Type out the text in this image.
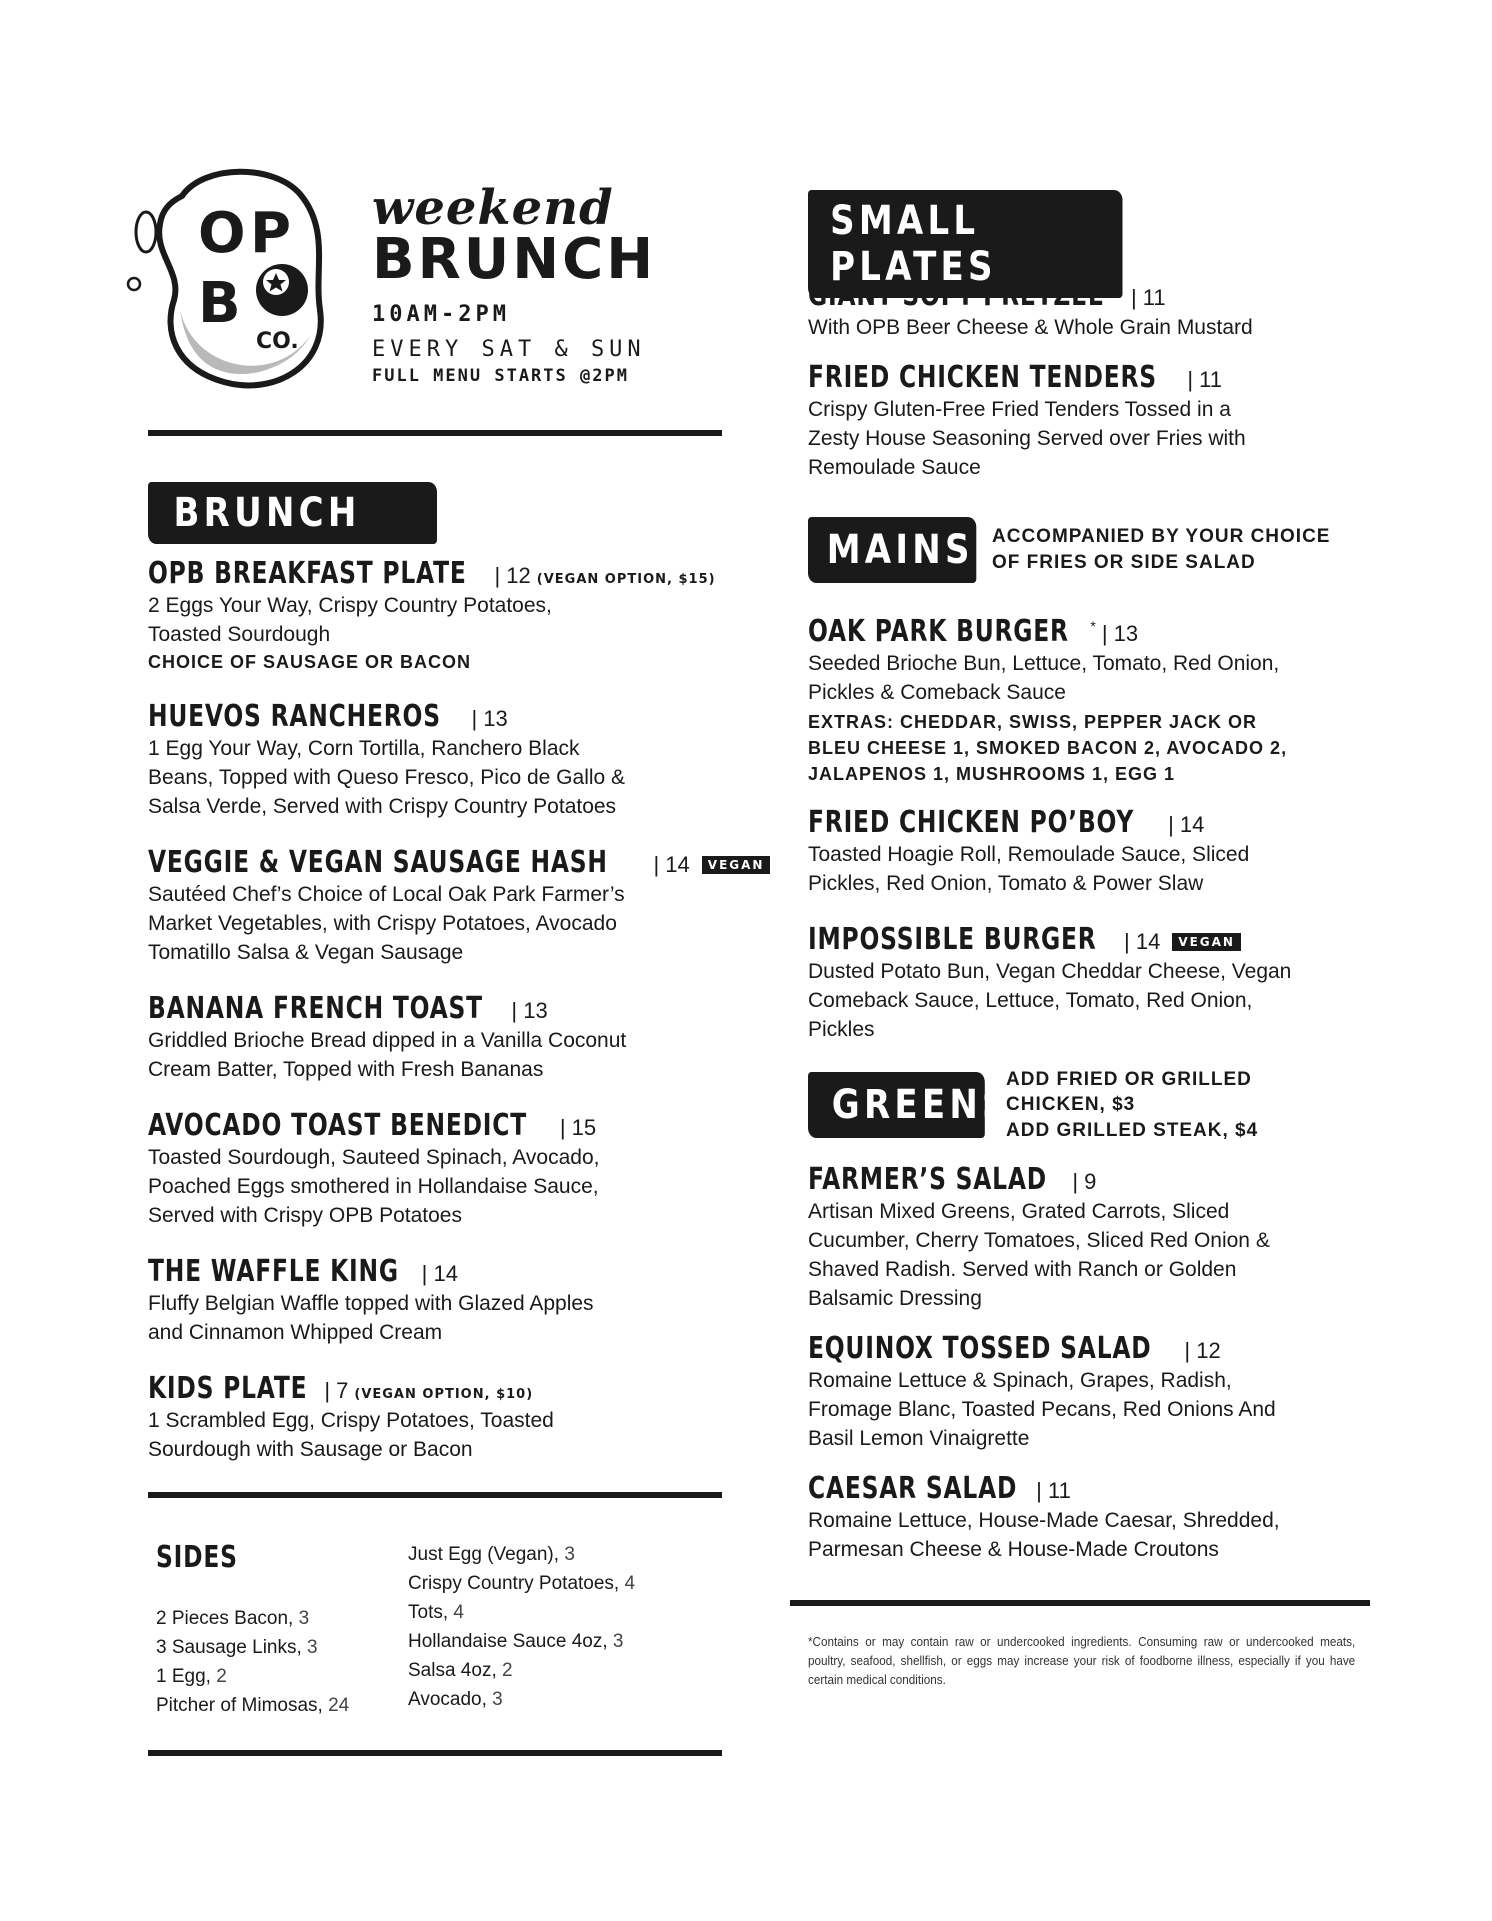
O P
B
CO.
weekend
BRUNCH
10AM-2PM
EVERY SAT & SUN
FULL MENU STARTS @2PM
BRUNCH
OPB BREAKFAST PLATE | 12 (VEGAN OPTION, $15)
2 Eggs Your Way, Crispy Country Potatoes,
Toasted Sourdough
CHOICE OF SAUSAGE OR BACON
HUEVOS RANCHEROS | 13
1 Egg Your Way, Corn Tortilla, Ranchero Black
Beans, Topped with Queso Fresco, Pico de Gallo &
Salsa Verde, Served with Crispy Country Potatoes
VEGGIE & VEGAN SAUSAGE HASH | 14	VEGAN
Sautéed Chef’s Choice of Local Oak Park Farmer’s
Market Vegetables, with Crispy Potatoes, Avocado
Tomatillo Salsa & Vegan Sausage
BANANA FRENCH TOAST | 13
Griddled Brioche Bread dipped in a Vanilla Coconut
Cream Batter, Topped with Fresh Bananas
AVOCADO TOAST BENEDICT | 15
Toasted Sourdough, Sauteed Spinach, Avocado,
Poached Eggs smothered in Hollandaise Sauce,
Served with Crispy OPB Potatoes
THE WAFFLE KING | 14
Fluffy Belgian Waffle topped with Glazed Apples
and Cinnamon Whipped Cream
KIDS PLATE | 7 (VEGAN OPTION, $10)
1 Scrambled Egg, Crispy Potatoes, Toasted
Sourdough with Sausage or Bacon
SIDES
2 Pieces Bacon, 3
3 Sausage Links, 3
1 Egg, 2
Pitcher of Mimosas, 24
Just Egg (Vegan), 3
Crispy Country Potatoes, 4
Tots, 4
Hollandaise Sauce 4oz, 3
Salsa 4oz, 2
Avocado, 3
SMALL PLATES
GIANT SOFT PRETZEL | 11
With OPB Beer Cheese & Whole Grain Mustard
FRIED CHICKEN TENDERS | 11
Crispy Gluten-Free Fried Tenders Tossed in a
Zesty House Seasoning Served over Fries with
Remoulade Sauce
MAINS ACCOMPANIED BY YOUR CHOICE
OF FRIES OR SIDE SALAD
OAK PARK BURGER * | 13
Seeded Brioche Bun, Lettuce, Tomato, Red Onion,
Pickles & Comeback Sauce
EXTRAS: CHEDDAR, SWISS, PEPPER JACK OR
BLEU CHEESE 1, SMOKED BACON 2, AVOCADO 2,
JALAPENOS 1, MUSHROOMS 1, EGG 1
FRIED CHICKEN PO’BOY | 14
Toasted Hoagie Roll, Remoulade Sauce, Sliced
Pickles, Red Onion, Tomato & Power Slaw
IMPOSSIBLE BURGER | 14	VEGAN
Dusted Potato Bun, Vegan Cheddar Cheese, Vegan
Comeback Sauce, Lettuce, Tomato, Red Onion,
Pickles
GREENS
ADD FRIED OR GRILLED
CHICKEN, $3
ADD GRILLED STEAK, $4
FARMER’S SALAD | 9
Artisan Mixed Greens, Grated Carrots, Sliced
Cucumber, Cherry Tomatoes, Sliced Red Onion &
Shaved Radish. Served with Ranch or Golden
Balsamic Dressing
EQUINOX TOSSED SALAD | 12
Romaine Lettuce & Spinach, Grapes, Radish,
Fromage Blanc, Toasted Pecans, Red Onions And
Basil Lemon Vinaigrette
CAESAR SALAD | 11
Romaine Lettuce, House-Made Caesar, Shredded,
Parmesan Cheese & House-Made Croutons
*Contains or may contain raw or undercooked ingredients. Consuming raw or undercooked meats, poultry, seafood, shellfish, or eggs may increase your risk of foodborne illness, especially if you have certain medical conditions.
